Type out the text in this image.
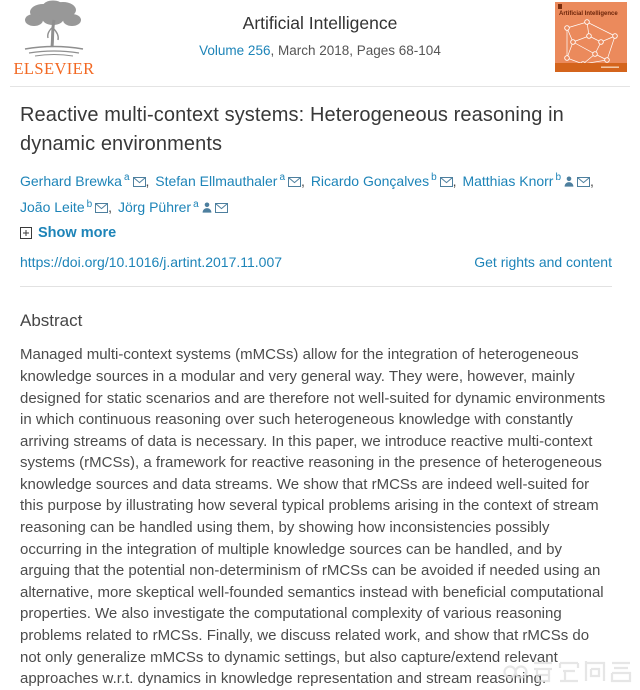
ELSEVIER
Artificial Intelligence
Volume 256, March 2018, Pages 68-104
Artificial Intelligence
Reactive multi-context systems: Heterogeneous reasoning in dynamic environments
Gerhard Brewka $^a$ , Stefan Ellmauthaler $^a$ , Ricardo Gonçalves $^b$ , Matthias Knorr $^b$ , João Leite $^b$ , Jörg Pührer $^a$
Show more
https://doi.org/10.1016/j.artint.2017.11.007	Get rights and content
Abstract

Managed multi-context systems (mMCSs) allow for the integration of heterogeneous knowledge sources in a modular and very general way. They were, however, mainly designed for static scenarios and are therefore not well-suited for dynamic environments in which continuous reasoning over such heterogeneous knowledge with constantly arriving streams of data is necessary. In this paper, we introduce reactive multi-context systems (rMCSs), a framework for reactive reasoning in the presence of heterogeneous knowledge sources and data streams. We show that rMCSs are indeed well-suited for this purpose by illustrating how several typical problems arising in the context of stream reasoning can be handled using them, by showing how inconsistencies possibly occurring in the integration of multiple knowledge sources can be handled, and by arguing that the potential non-determinism of rMCSs can be avoided if needed using an alternative, more skeptical well-founded semantics instead with beneficial computational properties. We also investigate the computational complexity of various reasoning problems related to rMCSs. Finally, we discuss related work, and show that rMCSs do not only generalize mMCSs to dynamic settings, but also capture/extend relevant approaches w.r.t. dynamics in knowledge representation and stream reasoning.
